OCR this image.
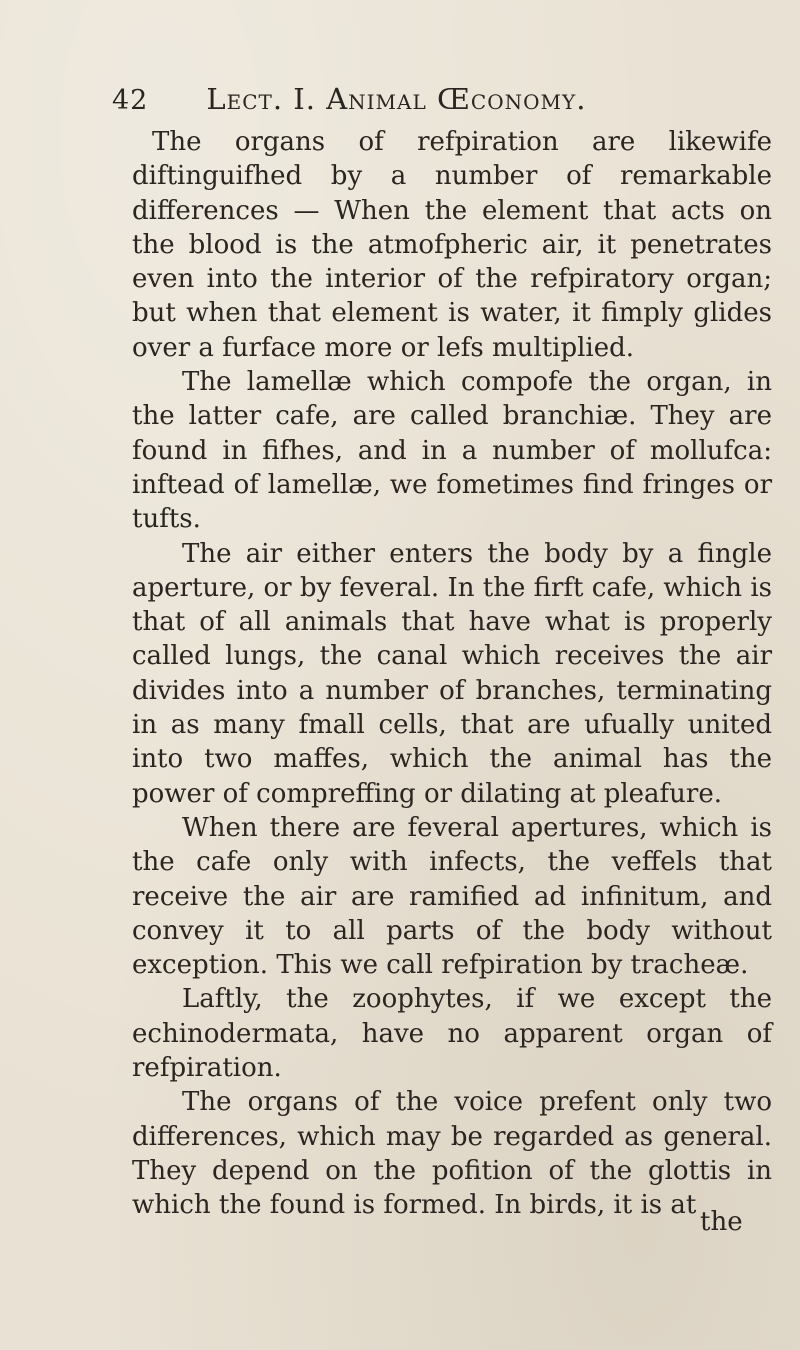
42 Lect. I. Animal Œconomy.

The organs of refpiration are likewife diftinguifhed by a number of remarkable differences — When the element that acts on the blood is the atmofpheric air, it penetrates even into the interior of the refpiratory organ; but when that element is water, it fimply glides over a furface more or lefs multiplied.

The lamellæ which compofe the organ, in the latter cafe, are called branchiæ. They are found in fifhes, and in a number of mollufca: inftead of lamellæ, we fometimes find fringes or tufts.

The air either enters the body by a fingle aperture, or by feveral. In the firft cafe, which is that of all animals that have what is properly called lungs, the canal which receives the air divides into a number of branches, terminating in as many fmall cells, that are ufually united into two maffes, which the animal has the power of compreffing or dilating at pleafure.

When there are feveral apertures, which is the cafe only with infects, the veffels that receive the air are ramified ad infinitum, and convey it to all parts of the body without exception. This we call refpiration by tracheæ.

Laftly, the zoophytes, if we except the echinodermata, have no apparent organ of refpiration.

The organs of the voice prefent only two differences, which may be regarded as general. They depend on the pofition of the glottis in which the found is formed. In birds, it is at

the
